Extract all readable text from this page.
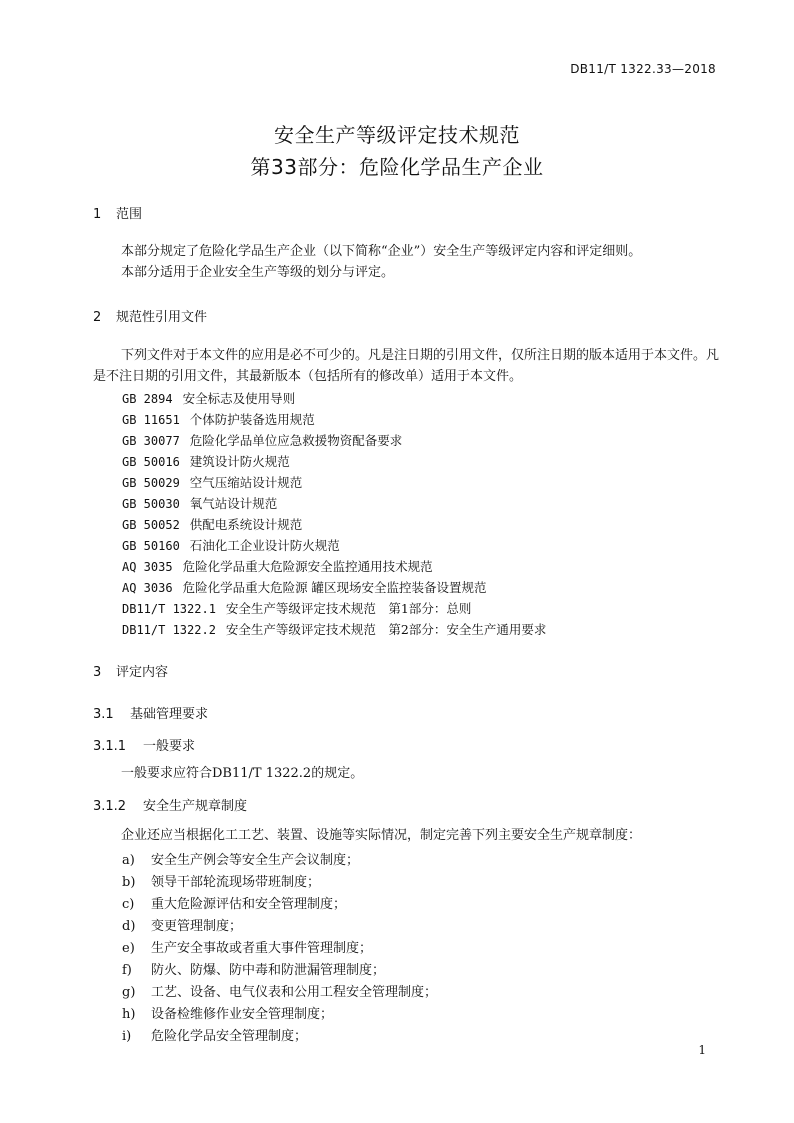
DB11/T 1322.33—2018
安全生产等级评定技术规范
第33部分：危险化学品生产企业
1 范围
本部分规定了危险化学品生产企业（以下简称“企业”）安全生产等级评定内容和评定细则。
本部分适用于企业安全生产等级的划分与评定。
2 规范性引用文件
下列文件对于本文件的应用是必不可少的。凡是注日期的引用文件，仅所注日期的版本适用于本文件。凡是不注日期的引用文件，其最新版本（包括所有的修改单）适用于本文件。
GB 2894 安全标志及使用导则
GB 11651 个体防护装备选用规范
GB 30077 危险化学品单位应急救援物资配备要求
GB 50016 建筑设计防火规范
GB 50029 空气压缩站设计规范
GB 50030 氧气站设计规范
GB 50052 供配电系统设计规范
GB 50160 石油化工企业设计防火规范
AQ 3035 危险化学品重大危险源安全监控通用技术规范
AQ 3036 危险化学品重大危险源 罐区现场安全监控装备设置规范
DB11/T 1322.1 安全生产等级评定技术规范　第1部分：总则
DB11/T 1322.2 安全生产等级评定技术规范　第2部分：安全生产通用要求
3 评定内容
3.1 基础管理要求
3.1.1 一般要求
一般要求应符合DB11/T 1322.2的规定。
3.1.2 安全生产规章制度
企业还应当根据化工工艺、装置、设施等实际情况，制定完善下列主要安全生产规章制度：
a) 安全生产例会等安全生产会议制度；
b) 领导干部轮流现场带班制度；
c) 重大危险源评估和安全管理制度；
d) 变更管理制度；
e) 生产安全事故或者重大事件管理制度；
f) 防火、防爆、防中毒和防泄漏管理制度；
g) 工艺、设备、电气仪表和公用工程安全管理制度；
h) 设备检维修作业安全管理制度；
i) 危险化学品安全管理制度；
1
